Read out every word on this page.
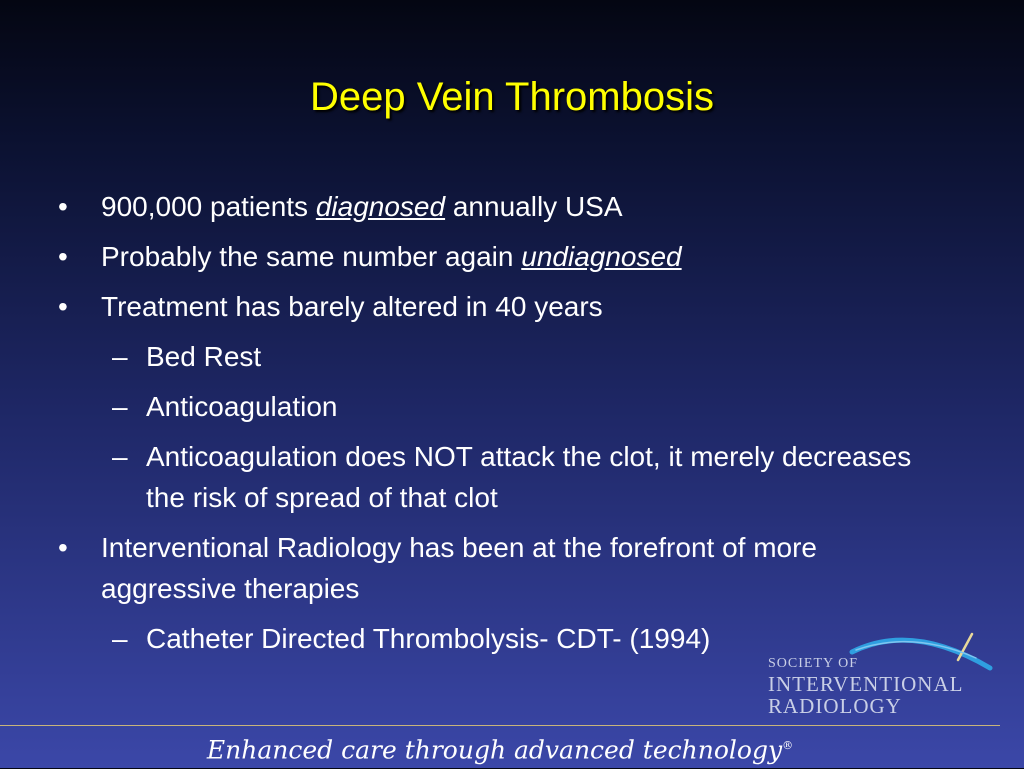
Deep Vein Thrombosis
• 900,000 patients diagnosed annually USA
• Probably the same number again undiagnosed
• Treatment has barely altered in 40 years
– Bed Rest
– Anticoagulation
– Anticoagulation does NOT attack the clot, it merely decreases the risk of spread of that clot
• Interventional Radiology has been at the forefront of more aggressive therapies
– Catheter Directed Thrombolysis- CDT- (1994)
SOCIETY OF
INTERVENTIONAL
RADIOLOGY
Enhanced care through advanced technology®
